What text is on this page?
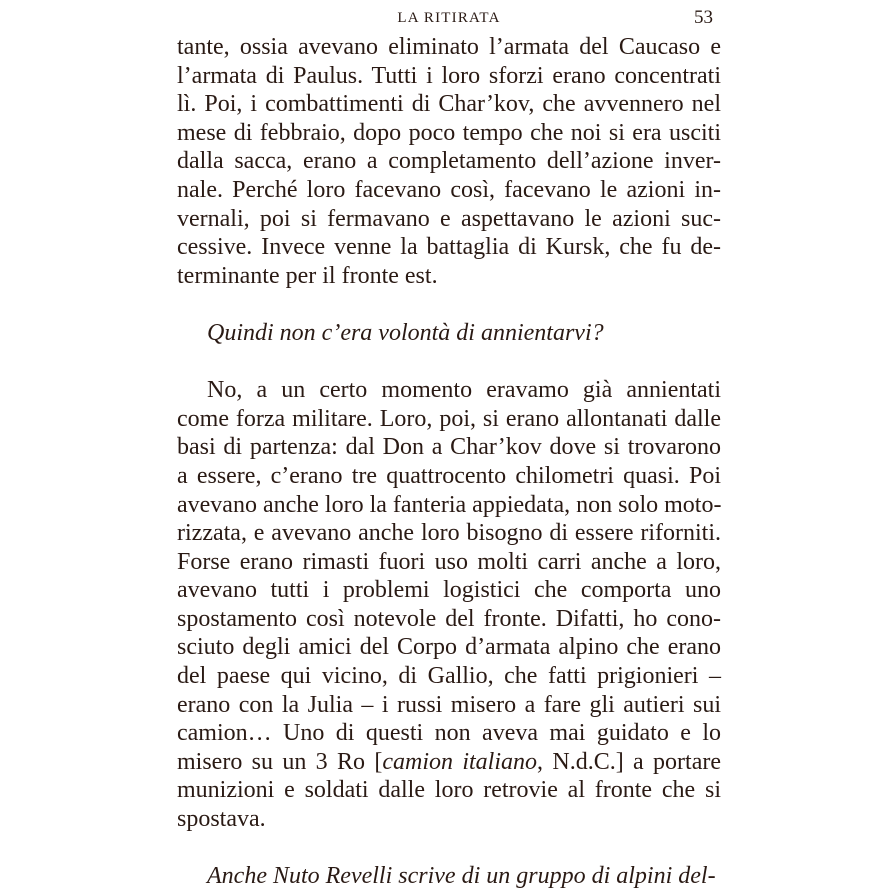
LA RITIRATA	53
tante, ossia avevano eliminato l’armata del Caucaso e
l’armata di Paulus. Tutti i loro sforzi erano concentrati
lì. Poi, i combattimenti di Char’kov, che avvennero nel
mese di febbraio, dopo poco tempo che noi si era usciti
dalla sacca, erano a completamento dell’azione inver-
nale. Perché loro facevano così, facevano le azioni in-
vernali, poi si fermavano e aspettavano le azioni suc-
cessive. Invece venne la battaglia di Kursk, che fu de-
terminante per il fronte est.

Quindi non c’era volontà di annientarvi?

No, a un certo momento eravamo già annientati
come forza militare. Loro, poi, si erano allontanati dalle
basi di partenza: dal Don a Char’kov dove si trovarono
a essere, c’erano tre quattrocento chilometri quasi. Poi
avevano anche loro la fanteria appiedata, non solo moto-
rizzata, e avevano anche loro bisogno di essere riforniti.
Forse erano rimasti fuori uso molti carri anche a loro,
avevano tutti i problemi logistici che comporta uno
spostamento così notevole del fronte. Difatti, ho cono-
sciuto degli amici del Corpo d’armata alpino che erano
del paese qui vicino, di Gallio, che fatti prigionieri –
erano con la Julia – i russi misero a fare gli autieri sui
camion… Uno di questi non aveva mai guidato e lo
misero su un 3 Ro [camion italiano, N.d.C.] a portare
munizioni e soldati dalle loro retrovie al fronte che si
spostava.

Anche Nuto Revelli scrive di un gruppo di alpini del-
